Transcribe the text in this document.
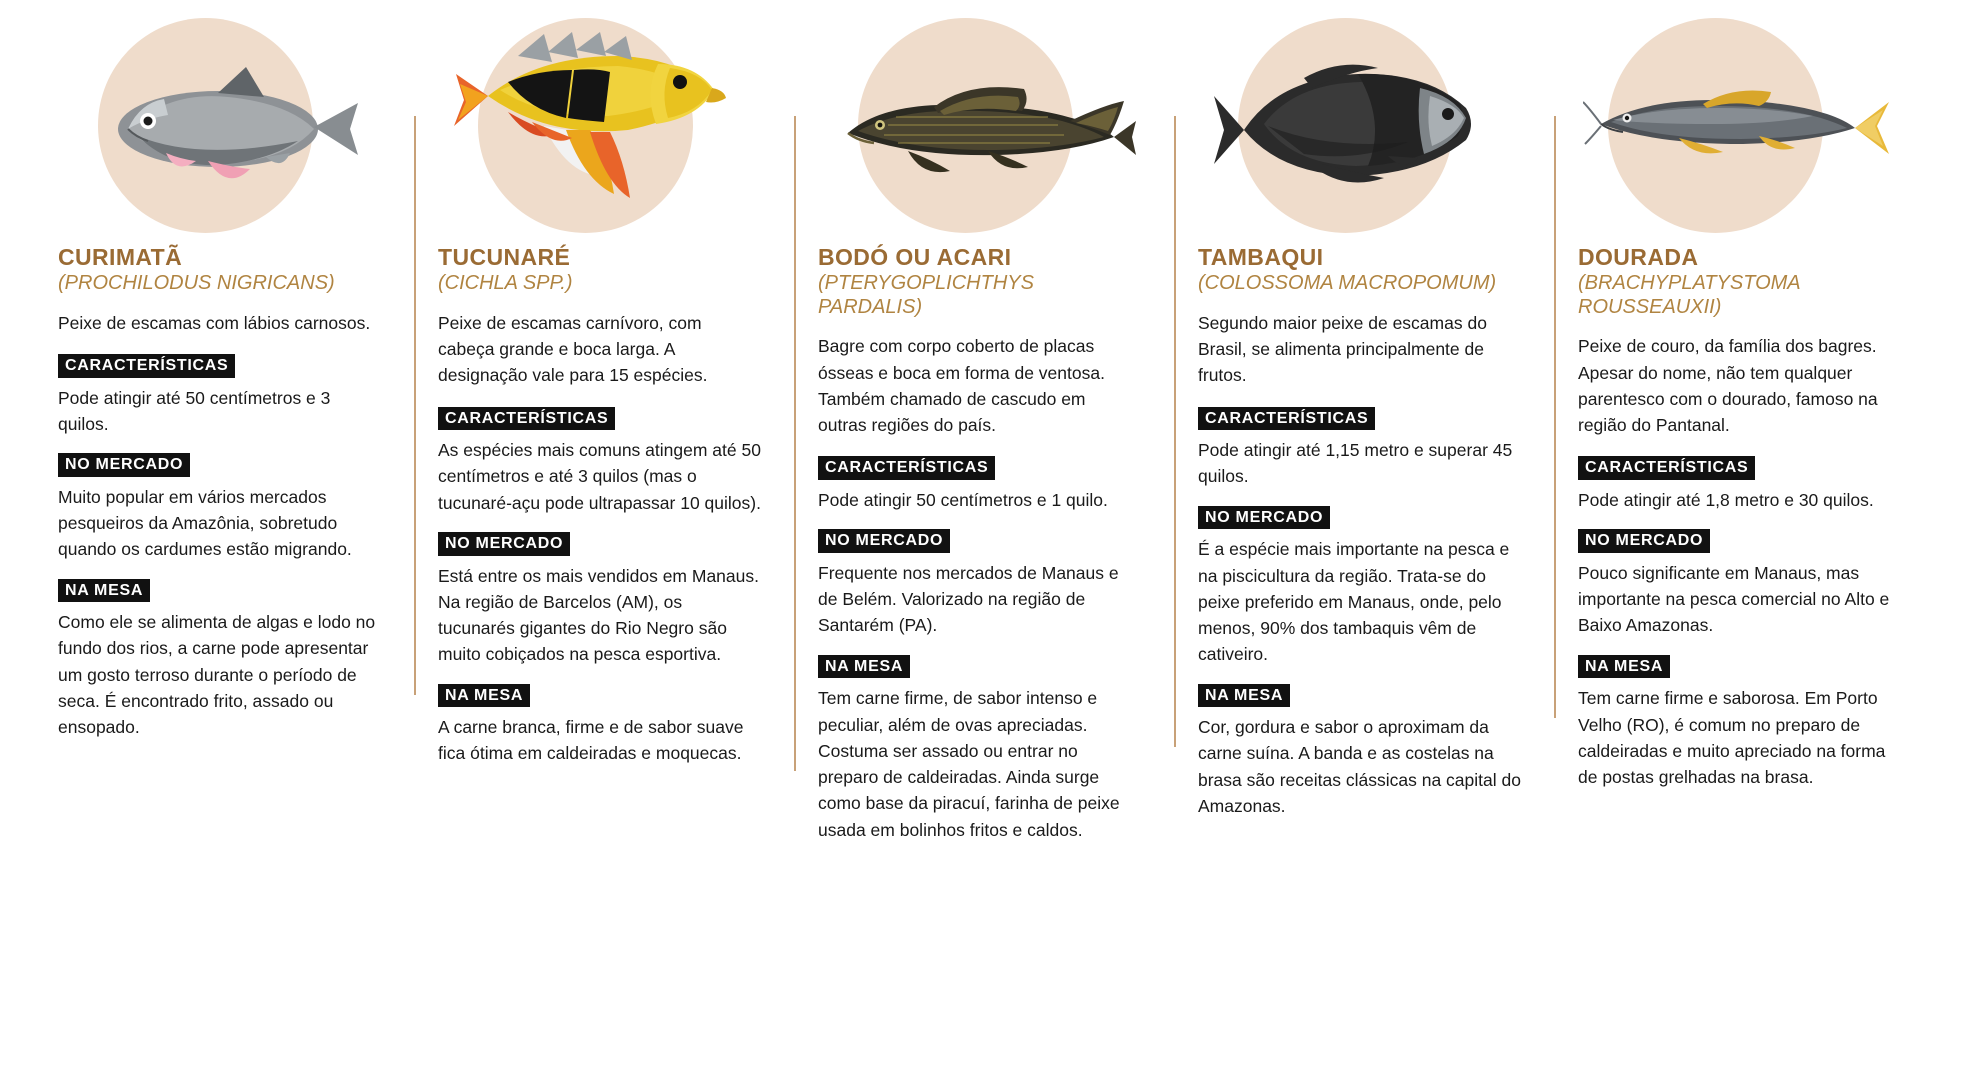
CURIMATÃ
(PROCHILODUS NIGRICANS)

Peixe de escamas com lábios carnosos.

CARACTERÍSTICAS

Pode atingir até 50 centímetros e 3 quilos.

NO MERCADO

Muito popular em vários mercados pesqueiros da Amazônia, sobretudo quando os cardumes estão migrando.

NA MESA

Como ele se alimenta de algas e lodo no fundo dos rios, a carne pode apresentar um gosto terroso durante o período de seca. É encontrado frito, assado ou ensopado.

TUCUNARÉ
(CICHLA SPP.)

Peixe de escamas carnívoro, com cabeça grande e boca larga. A designação vale para 15 espécies.

CARACTERÍSTICAS

As espécies mais comuns atingem até 50 centímetros e até 3 quilos (mas o tucunaré-açu pode ultrapassar 10 quilos).

NO MERCADO

Está entre os mais vendidos em Manaus. Na região de Barcelos (AM), os tucunarés gigantes do Rio Negro são muito cobiçados na pesca esportiva.

NA MESA

A carne branca, firme e de sabor suave fica ótima em caldeiradas e moquecas.

BODÓ OU ACARI
(PTERYGOPLICHTHYS PARDALIS)

Bagre com corpo coberto de placas ósseas e boca em forma de ventosa. Também chamado de cascudo em outras regiões do país.

CARACTERÍSTICAS

Pode atingir 50 centímetros e 1 quilo.

NO MERCADO

Frequente nos mercados de Manaus e de Belém. Valorizado na região de Santarém (PA).

NA MESA

Tem carne firme, de sabor intenso e peculiar, além de ovas apreciadas. Costuma ser assado ou entrar no preparo de caldeiradas. Ainda surge como base da piracuí, farinha de peixe usada em bolinhos fritos e caldos.

TAMBAQUI
(COLOSSOMA MACROPOMUM)

Segundo maior peixe de escamas do Brasil, se alimenta principalmente de frutos.

CARACTERÍSTICAS

Pode atingir até 1,15 metro e superar 45 quilos.

NO MERCADO

É a espécie mais importante na pesca e na piscicultura da região. Trata-se do peixe preferido em Manaus, onde, pelo menos, 90% dos tambaquis vêm de cativeiro.

NA MESA

Cor, gordura e sabor o aproximam da carne suína. A banda e as costelas na brasa são receitas clássicas na capital do Amazonas.

DOURADA
(BRACHYPLATYSTOMA ROUSSEAUXII)

Peixe de couro, da família dos bagres. Apesar do nome, não tem qualquer parentesco com o dourado, famoso na região do Pantanal.

CARACTERÍSTICAS

Pode atingir até 1,8 metro e 30 quilos.

NO MERCADO

Pouco significante em Manaus, mas importante na pesca comercial no Alto e Baixo Amazonas.

NA MESA

Tem carne firme e saborosa. Em Porto Velho (RO), é comum no preparo de caldeiradas e muito apreciado na forma de postas grelhadas na brasa.
